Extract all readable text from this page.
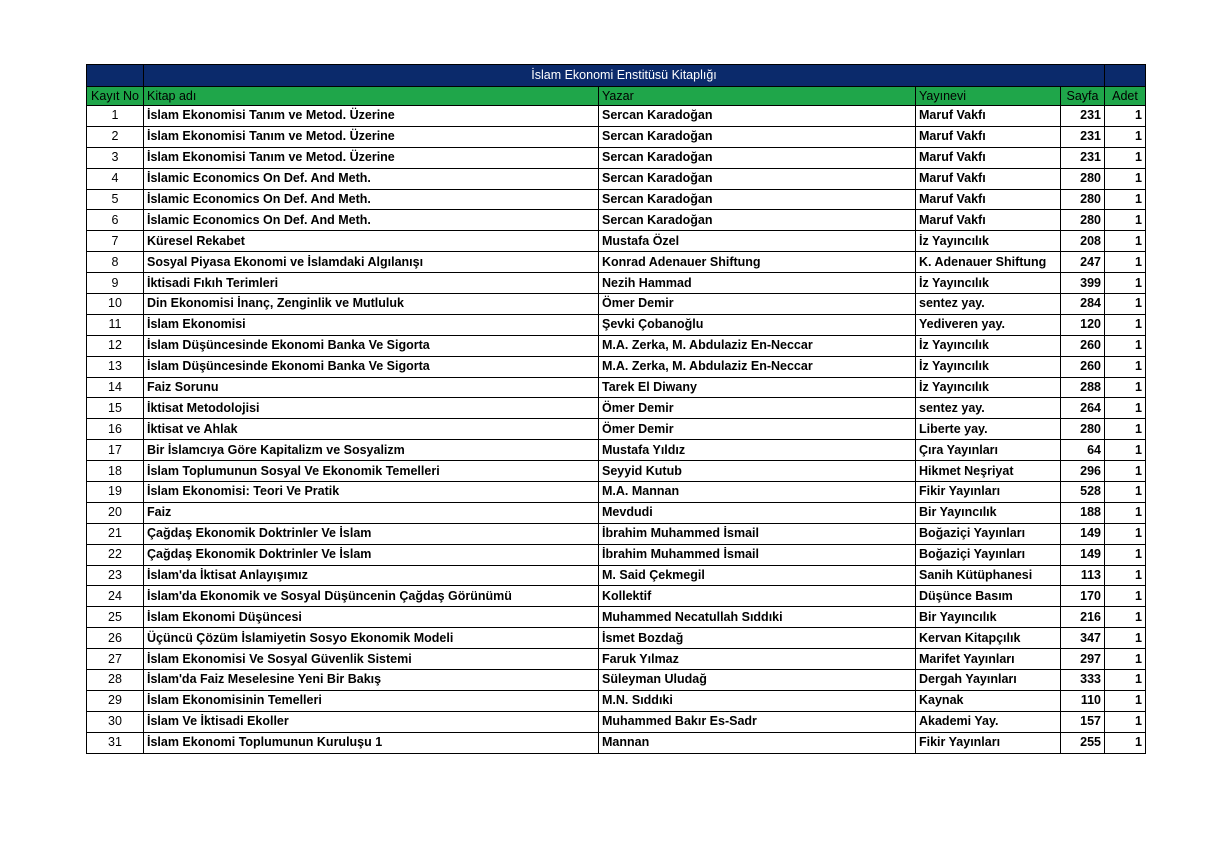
	İslam Ekonomi Enstitüsü Kitaplığı				
Kayıt No	Kitap adı	Yazar	Yayınevi	Sayfa	Adet
1	İslam Ekonomisi Tanım ve Metod. Üzerine	Sercan Karadoğan	Maruf Vakfı	231	1
2	İslam Ekonomisi Tanım ve Metod. Üzerine	Sercan Karadoğan	Maruf Vakfı	231	1
3	İslam Ekonomisi Tanım ve Metod. Üzerine	Sercan Karadoğan	Maruf Vakfı	231	1
4	İslamic Economics On Def. And Meth.	Sercan Karadoğan	Maruf Vakfı	280	1
5	İslamic Economics On Def. And Meth.	Sercan Karadoğan	Maruf Vakfı	280	1
6	İslamic Economics On Def. And Meth.	Sercan Karadoğan	Maruf Vakfı	280	1
7	Küresel Rekabet	Mustafa Özel	İz Yayıncılık	208	1
8	Sosyal Piyasa Ekonomi ve İslamdaki Algılanışı	Konrad Adenauer Shiftung	K. Adenauer Shiftung	247	1
9	İktisadi Fıkıh Terimleri	Nezih Hammad	İz Yayıncılık	399	1
10	Din Ekonomisi İnanç, Zenginlik ve Mutluluk	Ömer Demir	sentez yay.	284	1
11	İslam Ekonomisi	Şevki Çobanoğlu	Yediveren yay.	120	1
12	İslam Düşüncesinde Ekonomi Banka Ve Sigorta	M.A. Zerka, M. Abdulaziz En-Neccar	İz Yayıncılık	260	1
13	İslam Düşüncesinde Ekonomi Banka Ve Sigorta	M.A. Zerka, M. Abdulaziz En-Neccar	İz Yayıncılık	260	1
14	Faiz Sorunu	Tarek El Diwany	İz Yayıncılık	288	1
15	İktisat Metodolojisi	Ömer Demir	sentez yay.	264	1
16	İktisat ve Ahlak	Ömer Demir	Liberte yay.	280	1
17	Bir İslamcıya Göre Kapitalizm ve Sosyalizm	Mustafa Yıldız	Çıra Yayınları	64	1
18	İslam Toplumunun Sosyal Ve Ekonomik Temelleri	Seyyid Kutub	Hikmet Neşriyat	296	1
19	İslam Ekonomisi: Teori Ve Pratik	M.A. Mannan	Fikir Yayınları	528	1
20	Faiz	Mevdudi	Bir Yayıncılık	188	1
21	Çağdaş Ekonomik Doktrinler Ve İslam	İbrahim Muhammed İsmail	Boğaziçi Yayınları	149	1
22	Çağdaş Ekonomik Doktrinler Ve İslam	İbrahim Muhammed İsmail	Boğaziçi Yayınları	149	1
23	İslam'da İktisat Anlayışımız	M. Said Çekmegil	Sanih Kütüphanesi	113	1
24	İslam'da Ekonomik ve Sosyal Düşüncenin Çağdaş Görünümü	Kollektif	Düşünce Basım	170	1
25	İslam Ekonomi Düşüncesi	Muhammed Necatullah Sıddıki	Bir Yayıncılık	216	1
26	Üçüncü Çözüm İslamiyetin Sosyo Ekonomik Modeli	İsmet Bozdağ	Kervan Kitapçılık	347	1
27	İslam Ekonomisi Ve Sosyal Güvenlik Sistemi	Faruk Yılmaz	Marifet Yayınları	297	1
28	İslam'da Faiz Meselesine Yeni Bir Bakış	Süleyman Uludağ	Dergah Yayınları	333	1
29	İslam Ekonomisinin Temelleri	M.N. Sıddıki	Kaynak	110	1
30	İslam Ve İktisadi Ekoller	Muhammed Bakır Es-Sadr	Akademi Yay.	157	1
31	İslam Ekonomi Toplumunun Kuruluşu 1	Mannan	Fikir Yayınları	255	1
